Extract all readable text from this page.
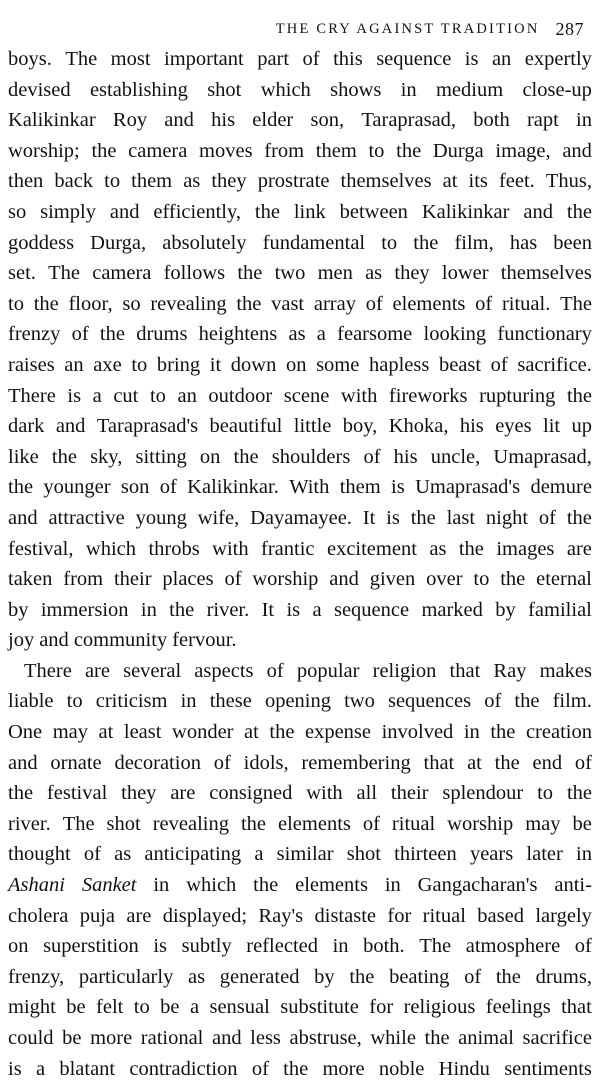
THE CRY AGAINST TRADITION 287
boys. The most important part of this sequence is an expertly
devised establishing shot which shows in medium close-up
Kalikinkar Roy and his elder son, Taraprasad, both rapt in
worship; the camera moves from them to the Durga image, and
then back to them as they prostrate themselves at its feet. Thus,
so simply and efficiently, the link between Kalikinkar and the
goddess Durga, absolutely fundamental to the film, has been
set. The camera follows the two men as they lower themselves
to the floor, so revealing the vast array of elements of ritual. The
frenzy of the drums heightens as a fearsome looking functionary
raises an axe to bring it down on some hapless beast of sacrifice.
There is a cut to an outdoor scene with fireworks rupturing the
dark and Taraprasad's beautiful little boy, Khoka, his eyes lit up
like the sky, sitting on the shoulders of his uncle, Umaprasad,
the younger son of Kalikinkar. With them is Umaprasad's demure
and attractive young wife, Dayamayee. It is the last night of the
festival, which throbs with frantic excitement as the images are
taken from their places of worship and given over to the eternal
by immersion in the river. It is a sequence marked by familial
joy and community fervour.
There are several aspects of popular religion that Ray makes
liable to criticism in these opening two sequences of the film.
One may at least wonder at the expense involved in the creation
and ornate decoration of idols, remembering that at the end of
the festival they are consigned with all their splendour to the
river. The shot revealing the elements of ritual worship may be
thought of as anticipating a similar shot thirteen years later in
Ashani Sanket in which the elements in Gangacharan's anti-
cholera puja are displayed; Ray's distaste for ritual based largely
on superstition is subtly reflected in both. The atmosphere of
frenzy, particularly as generated by the beating of the drums,
might be felt to be a sensual substitute for religious feelings that
could be more rational and less abstruse, while the animal sacrifice
is a blatant contradiction of the more noble Hindu sentiments
